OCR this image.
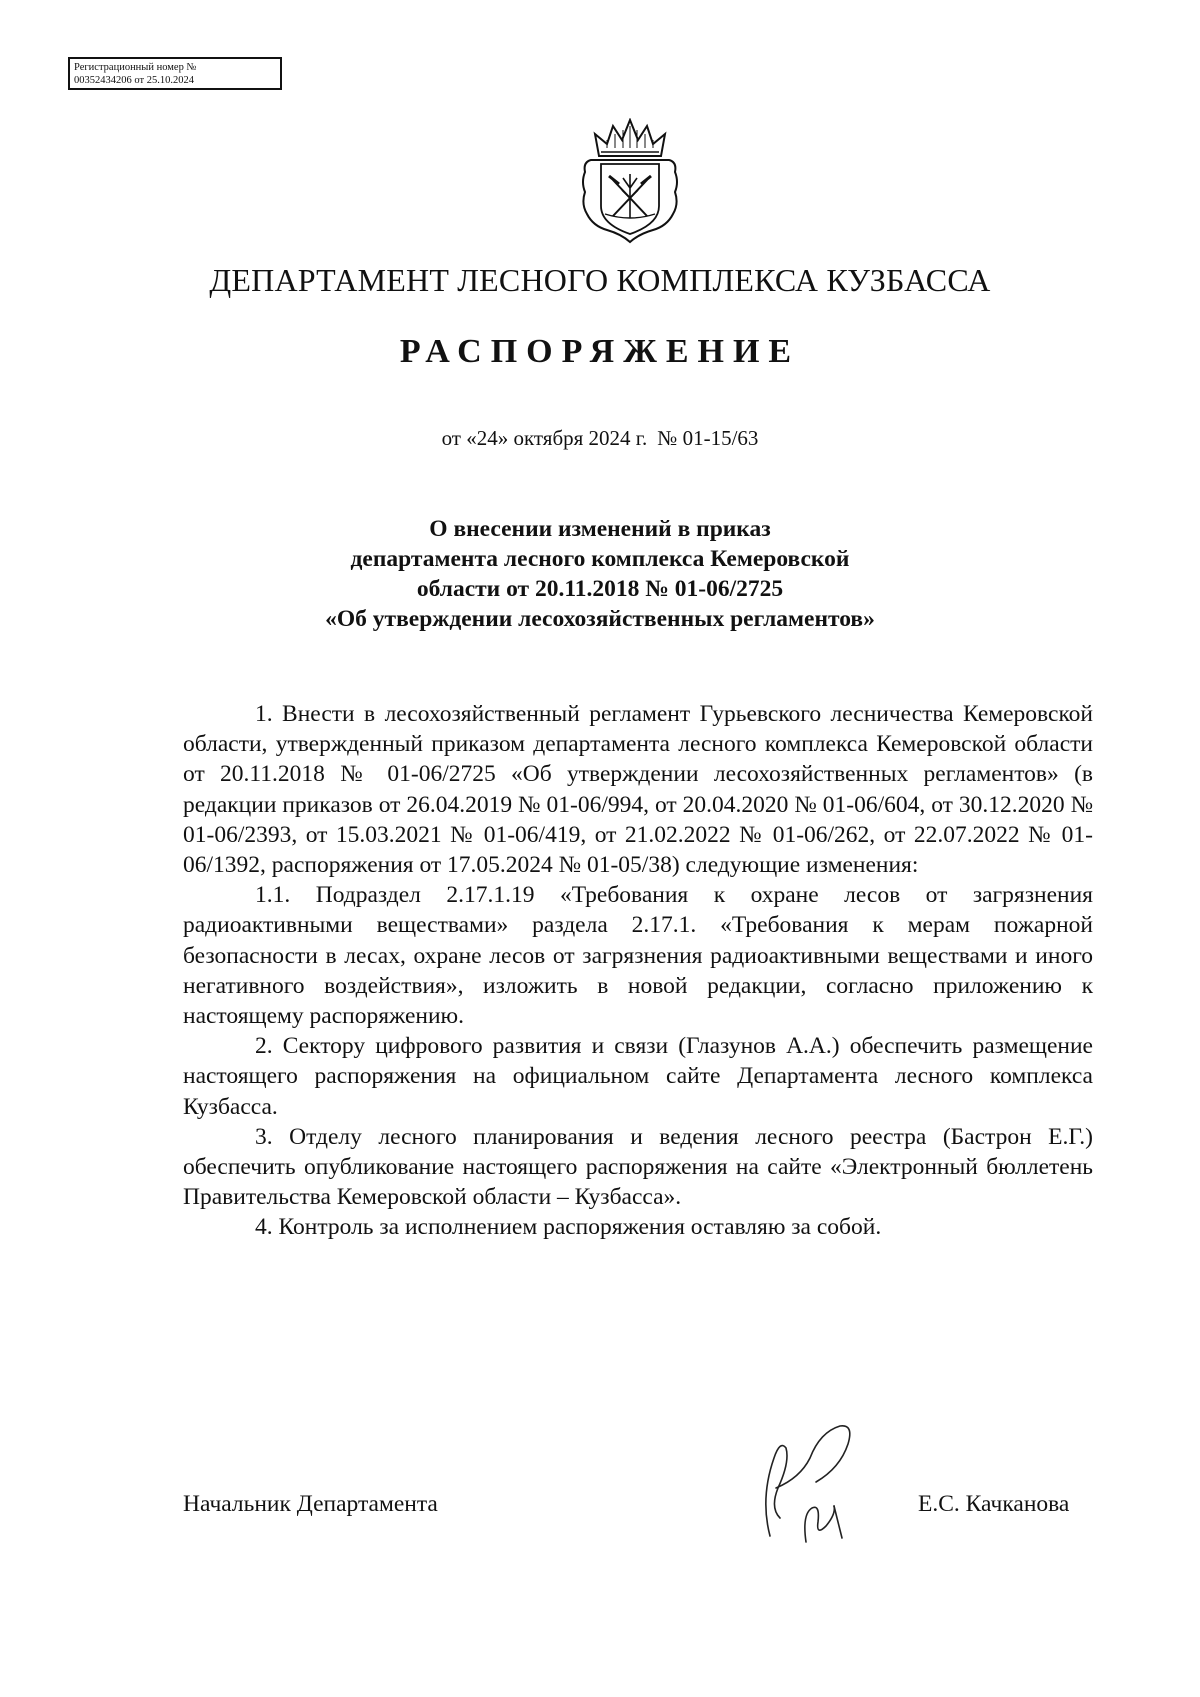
Регистрационный номер №
00352434206 от 25.10.2024
ДЕПАРТАМЕНТ ЛЕСНОГО КОМПЛЕКСА КУЗБАССА
РАСПОРЯЖЕНИЕ
от «24» октября 2024 г. № 01-15/63
О внесении изменений в приказ
департамента лесного комплекса Кемеровской
области от 20.11.2018 № 01-06/2725
«Об утверждении лесохозяйственных регламентов»

1. Внести в лесохозяйственный регламент Гурьевского лесничества Кемеровской области, утвержденный приказом департамента лесного комплекса Кемеровской области от 20.11.2018 № 01-06/2725 «Об утверждении лесохозяйственных регламентов» (в редакции приказов от 26.04.2019 № 01-06/994, от 20.04.2020 № 01-06/604, от 30.12.2020 № 01-06/2393, от 15.03.2021 № 01-06/419, от 21.02.2022 № 01-06/262, от 22.07.2022 № 01-06/1392, распоряжения от 17.05.2024 № 01-05/38) следующие изменения:

1.1. Подраздел 2.17.1.19 «Требования к охране лесов от загрязнения радиоактивными веществами» раздела 2.17.1. «Требования к мерам пожарной безопасности в лесах, охране лесов от загрязнения радиоактивными веществами и иного негативного воздействия», изложить в новой редакции, согласно приложению к настоящему распоряжению.

2. Сектору цифрового развития и связи (Глазунов А.А.) обеспечить размещение настоящего распоряжения на официальном сайте Департамента лесного комплекса Кузбасса.

3. Отделу лесного планирования и ведения лесного реестра (Бастрон Е.Г.) обеспечить опубликование настоящего распоряжения на сайте «Электронный бюллетень Правительства Кемеровской области – Кузбасса».

4. Контроль за исполнением распоряжения оставляю за собой.

Начальник Департамента	Е.С. Качканова
